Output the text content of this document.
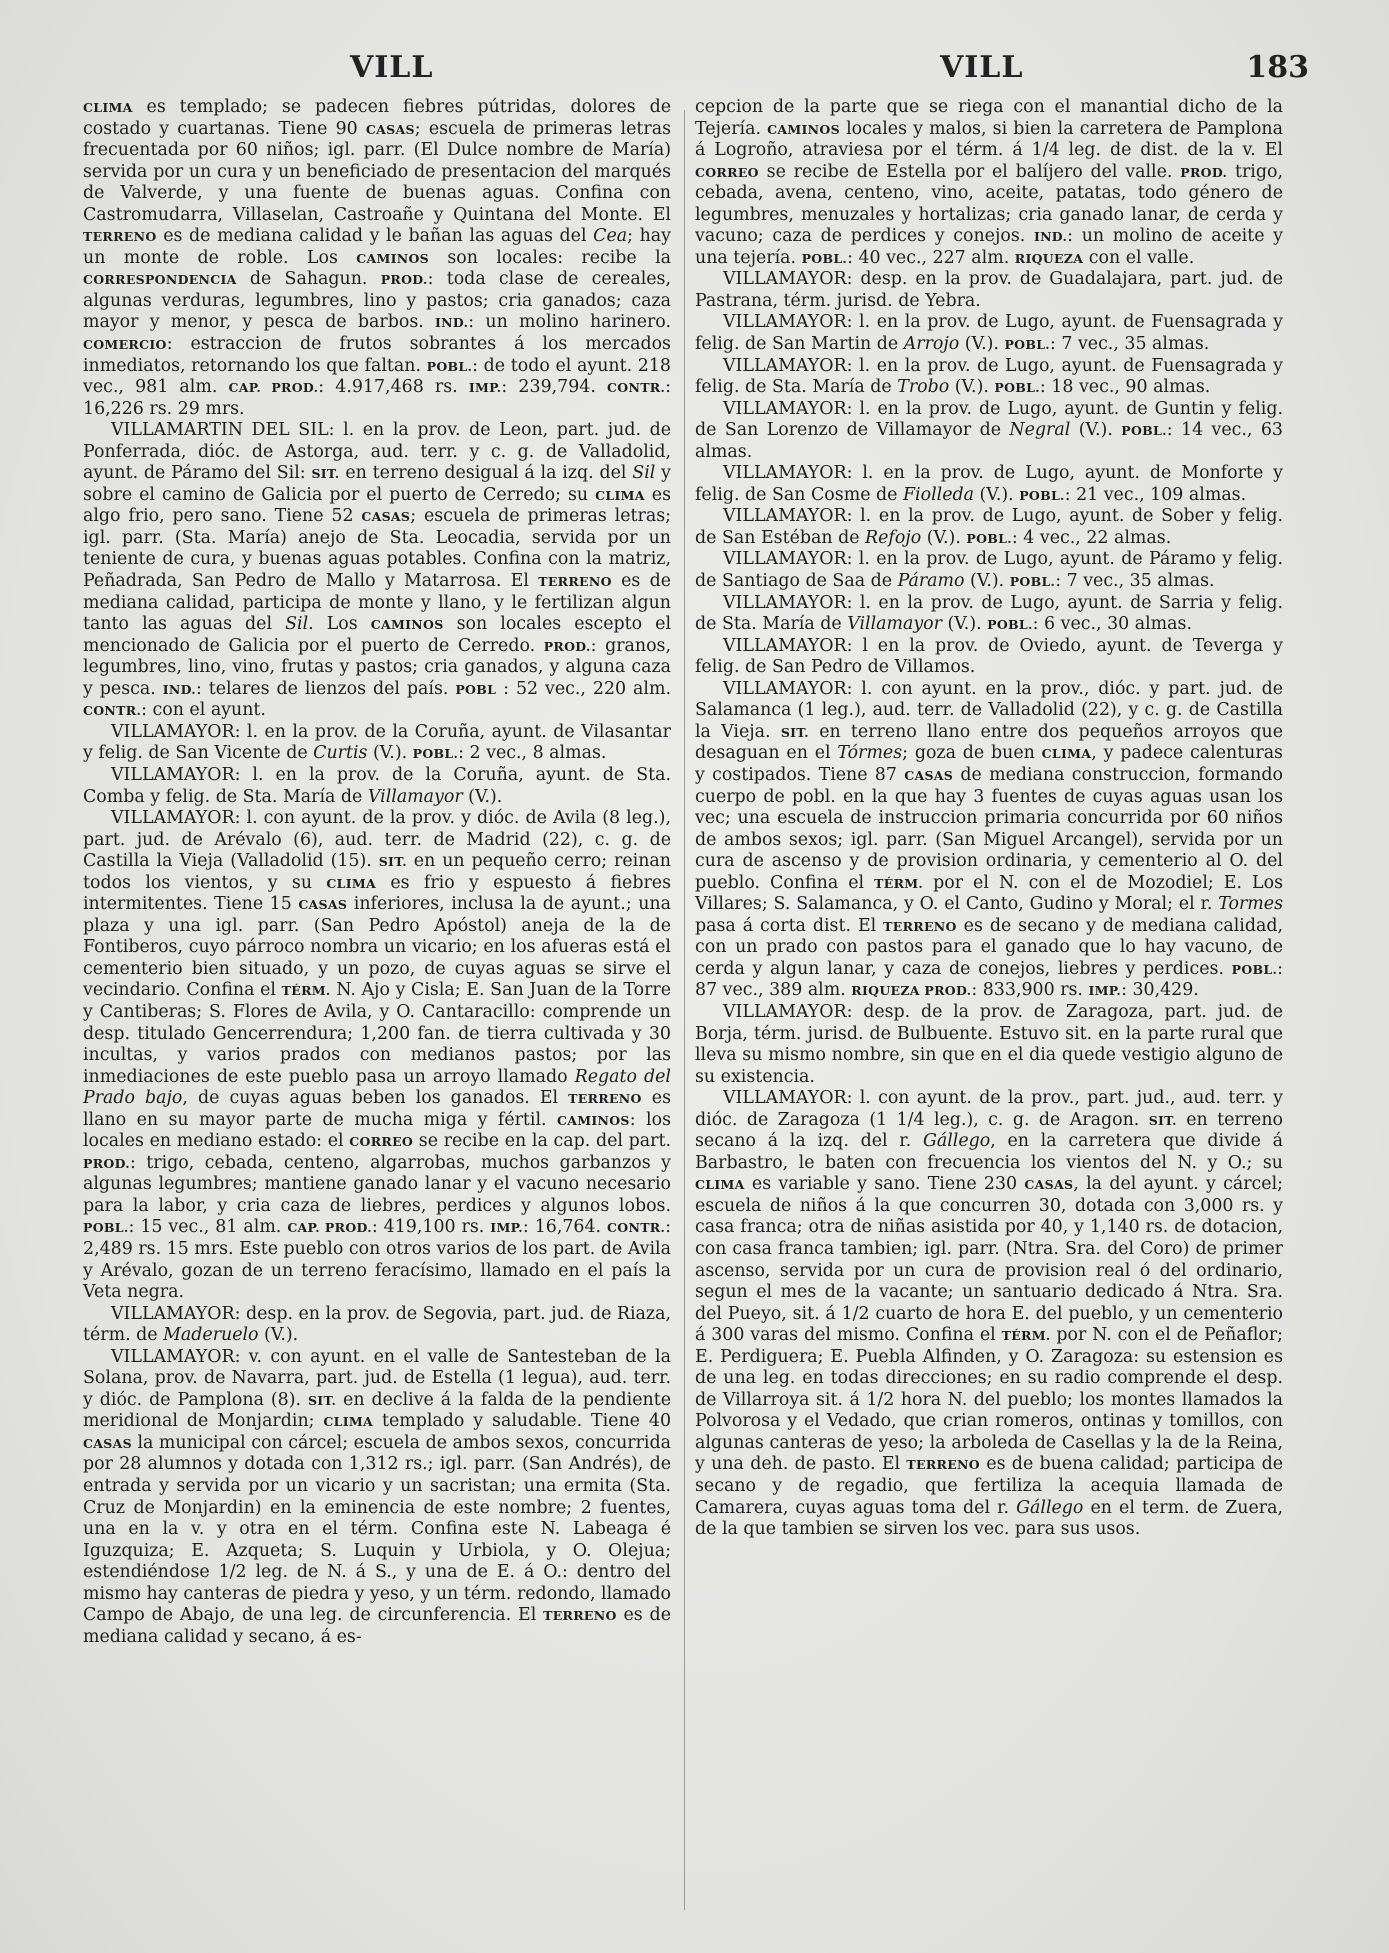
VILL	VILL	183

CLIMA es templado; se padecen fiebres pútridas, dolores de costado y cuartanas. Tiene 90 CASAS; escuela de primeras letras frecuentada por 60 niños; igl. parr. (El Dulce nombre de María) servida por un cura y un beneficiado de presentacion del marqués de Valverde, y una fuente de buenas aguas. Confina con Castromudarra, Villaselan, Castroañe y Quintana del Monte. El TERRENO es de mediana calidad y le bañan las aguas del Cea; hay un monte de roble. Los CAMINOS son locales: recibe la CORRESPONDENCIA de Sahagun. PROD.: toda clase de cereales, algunas verduras, legumbres, lino y pastos; cria ganados; caza mayor y menor, y pesca de barbos. IND.: un molino harinero. COMERCIO: estraccion de frutos sobrantes á los mercados inmediatos, retornando los que faltan. POBL.: de todo el ayunt. 218 vec., 981 alm. CAP. PROD.: 4.917,468 rs. IMP.: 239,794. CONTR.: 16,226 rs. 29 mrs.

VILLAMARTIN DEL SIL: l. en la prov. de Leon, part. jud. de Ponferrada, dióc. de Astorga, aud. terr. y c. g. de Valladolid, ayunt. de Páramo del Sil: SIT. en terreno desigual á la izq. del Sil y sobre el camino de Galicia por el puerto de Cerredo; su CLIMA es algo frio, pero sano. Tiene 52 CASAS; escuela de primeras letras; igl. parr. (Sta. María) anejo de Sta. Leocadia, servida por un teniente de cura, y buenas aguas potables. Confina con la matriz, Peñadrada, San Pedro de Mallo y Matarrosa. El TERRENO es de mediana calidad, participa de monte y llano, y le fertilizan algun tanto las aguas del Sil. Los CAMINOS son locales escepto el mencionado de Galicia por el puerto de Cerredo. PROD.: granos, legumbres, lino, vino, frutas y pastos; cria ganados, y alguna caza y pesca. IND.: telares de lienzos del país. POBL : 52 vec., 220 alm. CONTR.: con el ayunt.

VILLAMAYOR: l. en la prov. de la Coruña, ayunt. de Vilasantar y felig. de San Vicente de Curtis (V.). POBL.: 2 vec., 8 almas.

VILLAMAYOR: l. en la prov. de la Coruña, ayunt. de Sta. Comba y felig. de Sta. María de Villamayor (V.).

VILLAMAYOR: l. con ayunt. de la prov. y dióc. de Avila (8 leg.), part. jud. de Arévalo (6), aud. terr. de Madrid (22), c. g. de Castilla la Vieja (Valladolid (15). SIT. en un pequeño cerro; reinan todos los vientos, y su CLIMA es frio y espuesto á fiebres intermitentes. Tiene 15 CASAS inferiores, inclusa la de ayunt.; una plaza y una igl. parr. (San Pedro Apóstol) aneja de la de Fontiberos, cuyo párroco nombra un vicario; en los afueras está el cementerio bien situado, y un pozo, de cuyas aguas se sirve el vecindario. Confina el TÉRM. N. Ajo y Cisla; E. San Juan de la Torre y Cantiberas; S. Flores de Avila, y O. Cantaracillo: comprende un desp. titulado Gencerrendura; 1,200 fan. de tierra cultivada y 30 incultas, y varios prados con medianos pastos; por las inmediaciones de este pueblo pasa un arroyo llamado Regato del Prado bajo, de cuyas aguas beben los ganados. El TERRENO es llano en su mayor parte de mucha miga y fértil. CAMINOS: los locales en mediano estado: el CORREO se recibe en la cap. del part. PROD.: trigo, cebada, centeno, algarrobas, muchos garbanzos y algunas legumbres; mantiene ganado lanar y el vacuno necesario para la labor, y cria caza de liebres, perdices y algunos lobos. POBL.: 15 vec., 81 alm. CAP. PROD.: 419,100 rs. IMP.: 16,764. CONTR.: 2,489 rs. 15 mrs. Este pueblo con otros varios de los part. de Avila y Arévalo, gozan de un terreno feracísimo, llamado en el país la Veta negra.

VILLAMAYOR: desp. en la prov. de Segovia, part. jud. de Riaza, térm. de Maderuelo (V.).

VILLAMAYOR: v. con ayunt. en el valle de Santesteban de la Solana, prov. de Navarra, part. jud. de Estella (1 legua), aud. terr. y dióc. de Pamplona (8). SIT. en declive á la falda de la pendiente meridional de Monjardin; CLIMA templado y saludable. Tiene 40 CASAS la municipal con cárcel; escuela de ambos sexos, concurrida por 28 alumnos y dotada con 1,312 rs.; igl. parr. (San Andrés), de entrada y servida por un vicario y un sacristan; una ermita (Sta. Cruz de Monjardin) en la eminencia de este nombre; 2 fuentes, una en la v. y otra en el térm. Confina este N. Labeaga é Iguzquiza; E. Azqueta; S. Luquin y Urbiola, y O. Olejua; estendiéndose 1/2 leg. de N. á S., y una de E. á O.: dentro del mismo hay canteras de piedra y yeso, y un térm. redondo, llamado Campo de Abajo, de una leg. de circunferencia. El TERRENO es de mediana calidad y secano, á es-

cepcion de la parte que se riega con el manantial dicho de la Tejería. CAMINOS locales y malos, si bien la carretera de Pamplona á Logroño, atraviesa por el térm. á 1/4 leg. de dist. de la v. El CORREO se recibe de Estella por el balíjero del valle. PROD. trigo, cebada, avena, centeno, vino, aceite, patatas, todo género de legumbres, menuzales y hortalizas; cria ganado lanar, de cerda y vacuno; caza de perdices y conejos. IND.: un molino de aceite y una tejería. POBL.: 40 vec., 227 alm. RIQUEZA con el valle.

VILLAMAYOR: desp. en la prov. de Guadalajara, part. jud. de Pastrana, térm. jurisd. de Yebra.

VILLAMAYOR: l. en la prov. de Lugo, ayunt. de Fuensagrada y felig. de San Martin de Arrojo (V.). POBL.: 7 vec., 35 almas.

VILLAMAYOR: l. en la prov. de Lugo, ayunt. de Fuensagrada y felig. de Sta. María de Trobo (V.). POBL.: 18 vec., 90 almas.

VILLAMAYOR: l. en la prov. de Lugo, ayunt. de Guntin y felig. de San Lorenzo de Villamayor de Negral (V.). POBL.: 14 vec., 63 almas.

VILLAMAYOR: l. en la prov. de Lugo, ayunt. de Monforte y felig. de San Cosme de Fiolleda (V.). POBL.: 21 vec., 109 almas.

VILLAMAYOR: l. en la prov. de Lugo, ayunt. de Sober y felig. de San Estéban de Refojo (V.). POBL.: 4 vec., 22 almas.

VILLAMAYOR: l. en la prov. de Lugo, ayunt. de Páramo y felig. de Santiago de Saa de Páramo (V.). POBL.: 7 vec., 35 almas.

VILLAMAYOR: l. en la prov. de Lugo, ayunt. de Sarria y felig. de Sta. María de Villamayor (V.). POBL.: 6 vec., 30 almas.

VILLAMAYOR: l en la prov. de Oviedo, ayunt. de Teverga y felig. de San Pedro de Villamos.

VILLAMAYOR: l. con ayunt. en la prov., dióc. y part. jud. de Salamanca (1 leg.), aud. terr. de Valladolid (22), y c. g. de Castilla la Vieja. SIT. en terreno llano entre dos pequeños arroyos que desaguan en el Tórmes; goza de buen CLIMA, y padece calenturas y costipados. Tiene 87 CASAS de mediana construccion, formando cuerpo de pobl. en la que hay 3 fuentes de cuyas aguas usan los vec; una escuela de instruccion primaria concurrida por 60 niños de ambos sexos; igl. parr. (San Miguel Arcangel), servida por un cura de ascenso y de provision ordinaria, y cementerio al O. del pueblo. Confina el TÉRM. por el N. con el de Mozodiel; E. Los Villares; S. Salamanca, y O. el Canto, Gudino y Moral; el r. Tormes pasa á corta dist. El TERRENO es de secano y de mediana calidad, con un prado con pastos para el ganado que lo hay vacuno, de cerda y algun lanar, y caza de conejos, liebres y perdices. POBL.: 87 vec., 389 alm. RIQUEZA PROD.: 833,900 rs. IMP.: 30,429.

VILLAMAYOR: desp. de la prov. de Zaragoza, part. jud. de Borja, térm. jurisd. de Bulbuente. Estuvo sit. en la parte rural que lleva su mismo nombre, sin que en el dia quede vestigio alguno de su existencia.

VILLAMAYOR: l. con ayunt. de la prov., part. jud., aud. terr. y dióc. de Zaragoza (1 1/4 leg.), c. g. de Aragon. SIT. en terreno secano á la izq. del r. Gállego, en la carretera que divide á Barbastro, le baten con frecuencia los vientos del N. y O.; su CLIMA es variable y sano. Tiene 230 CASAS, la del ayunt. y cárcel; escuela de niños á la que concurren 30, dotada con 3,000 rs. y casa franca; otra de niñas asistida por 40, y 1,140 rs. de dotacion, con casa franca tambien; igl. parr. (Ntra. Sra. del Coro) de primer ascenso, servida por un cura de provision real ó del ordinario, segun el mes de la vacante; un santuario dedicado á Ntra. Sra. del Pueyo, sit. á 1/2 cuarto de hora E. del pueblo, y un cementerio á 300 varas del mismo. Confina el TÉRM. por N. con el de Peñaflor; E. Perdiguera; E. Puebla Alfinden, y O. Zaragoza: su estension es de una leg. en todas direcciones; en su radio comprende el desp. de Villarroya sit. á 1/2 hora N. del pueblo; los montes llamados la Polvorosa y el Vedado, que crian romeros, ontinas y tomillos, con algunas canteras de yeso; la arboleda de Casellas y la de la Reina, y una deh. de pasto. El TERRENO es de buena calidad; participa de secano y de regadio, que fertiliza la acequia llamada de Camarera, cuyas aguas toma del r. Gállego en el term. de Zuera, de la que tambien se sirven los vec. para sus usos.
